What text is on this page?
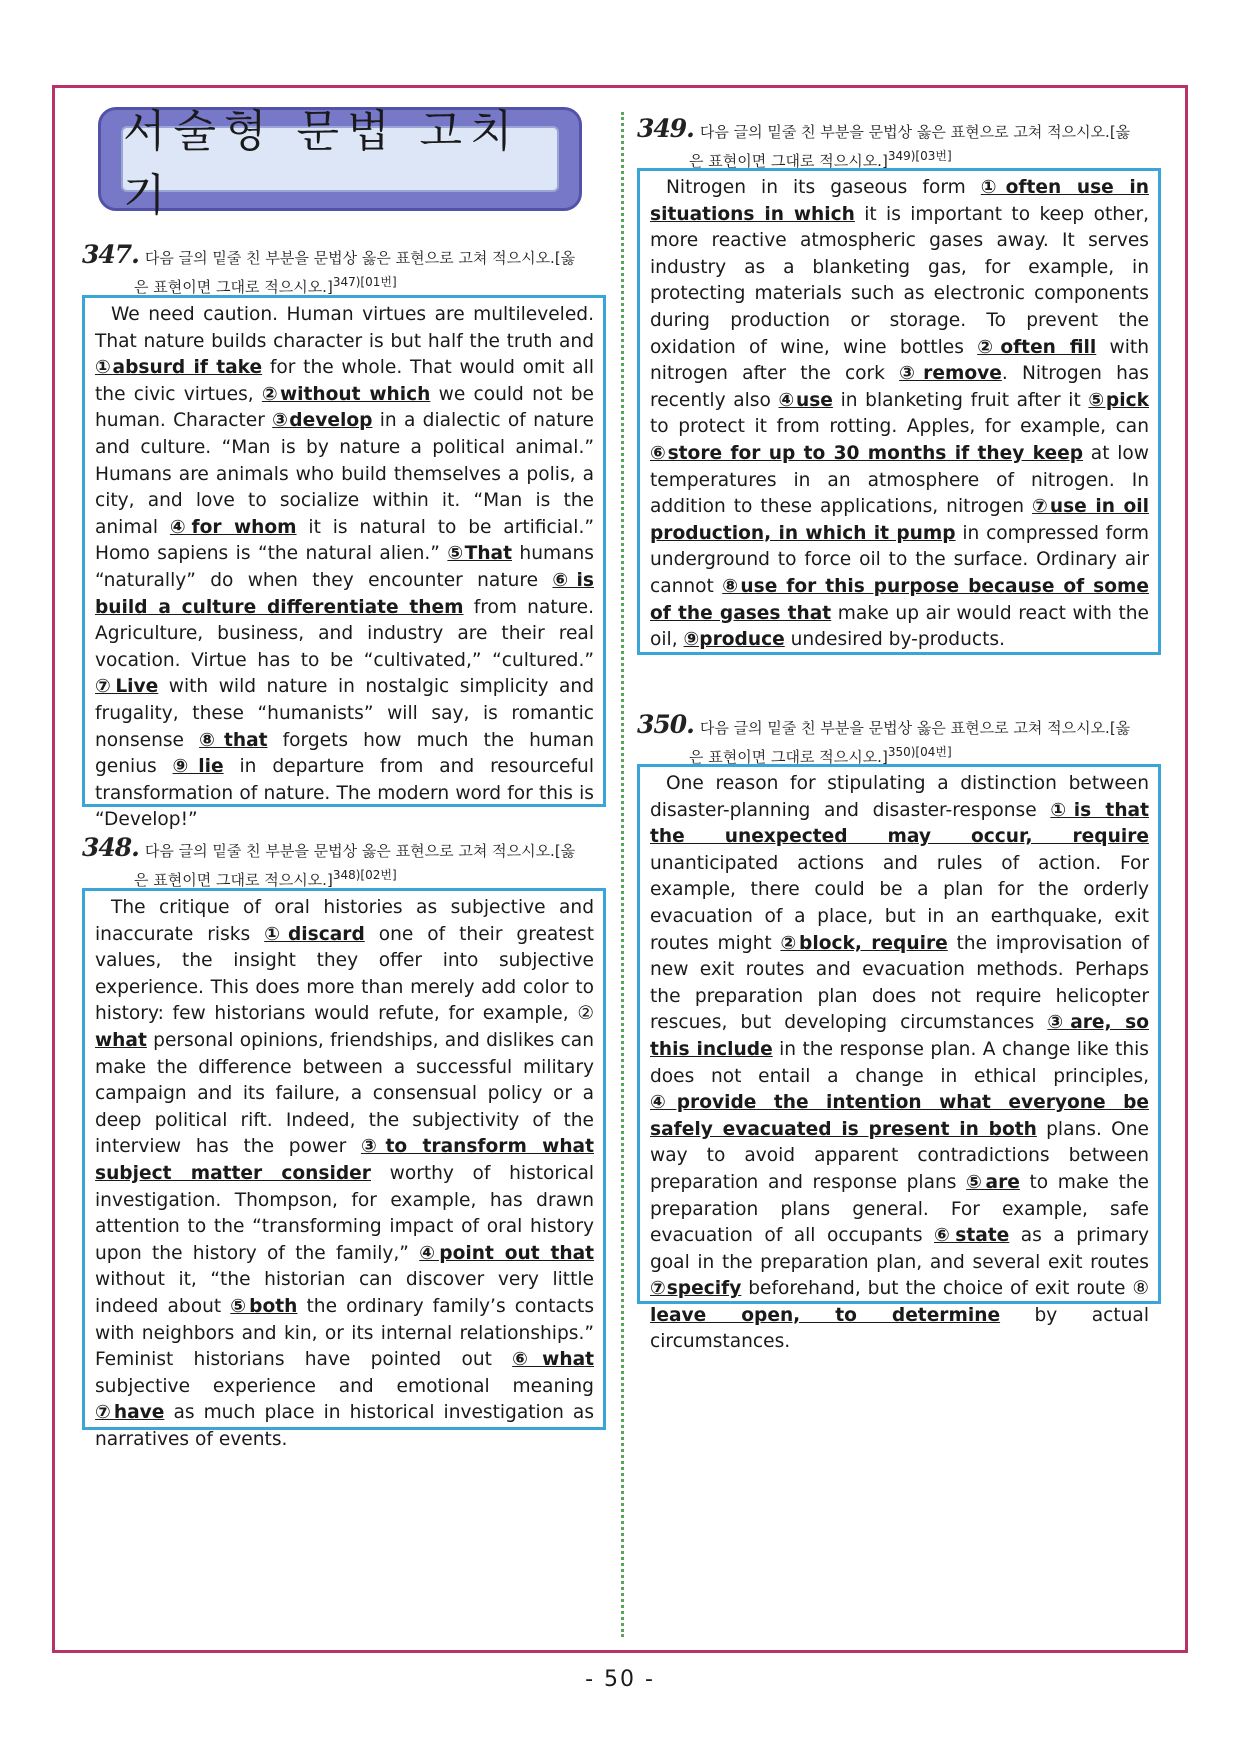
서술형 문법 고치기
347. 다음 글의 밑줄 친 부분을 문법상 옳은 표현으로 고쳐 적으시오.[옳
은 표현이면 그대로 적으시오.]$^{347)[01번]}$

We need caution. Human virtues are multileveled. That nature builds character is but half the truth and ①absurd if take for the whole. That would omit all the civic virtues, ②without which we could not be human. Character ③develop in a dialectic of nature and culture. “Man is by nature a political animal.” Humans are animals who build themselves a polis, a city, and love to socialize within it. “Man is the animal ④for whom it is natural to be artificial.” Homo sapiens is “the natural alien.” ⑤That humans “naturally” do when they encounter nature ⑥is build a culture differentiate them from nature. Agriculture, business, and industry are their real vocation. Virtue has to be “cultivated,” “cultured.” ⑦Live with wild nature in nostalgic simplicity and frugality, these “humanists” will say, is romantic nonsense ⑧that forgets how much the human genius ⑨lie in departure from and resourceful transformation of nature. The modern word for this is “Develop!”

348. 다음 글의 밑줄 친 부분을 문법상 옳은 표현으로 고쳐 적으시오.[옳
은 표현이면 그대로 적으시오.]$^{348)[02번]}$

The critique of oral histories as subjective and inaccurate risks ①discard one of their greatest values, the insight they offer into subjective experience. This does more than merely add color to history: few historians would refute, for example, ② what personal opinions, friendships, and dislikes can make the difference between a successful military campaign and its failure, a consensual policy or a deep political rift. Indeed, the subjectivity of the interview has the power ③to transform what subject matter consider worthy of historical investigation. Thompson, for example, has drawn attention to the “transforming impact of oral history upon the history of the family,” ④point out that without it, “the historian can discover very little indeed about ⑤both the ordinary family’s contacts with neighbors and kin, or its internal relationships.” Feminist historians have pointed out ⑥what subjective experience and emotional meaning ⑦have as much place in historical investigation as narratives of events.

349. 다음 글의 밑줄 친 부분을 문법상 옳은 표현으로 고쳐 적으시오.[옳
은 표현이면 그대로 적으시오.]$^{349)[03번]}$

Nitrogen in its gaseous form ①often use in situations in which it is important to keep other, more reactive atmospheric gases away. It serves industry as a blanketing gas, for example, in protecting materials such as electronic components during production or storage. To prevent the oxidation of wine, wine bottles ②often fill with nitrogen after the cork ③remove. Nitrogen has recently also ④use in blanketing fruit after it ⑤pick to protect it from rotting. Apples, for example, can ⑥store for up to 30 months if they keep at low temperatures in an atmosphere of nitrogen. In addition to these applications, nitrogen ⑦use in oil production, in which it pump in compressed form underground to force oil to the surface. Ordinary air cannot ⑧use for this purpose because of some of the gases that make up air would react with the oil, ⑨produce undesired by-products.

350. 다음 글의 밑줄 친 부분을 문법상 옳은 표현으로 고쳐 적으시오.[옳
은 표현이면 그대로 적으시오.]$^{350)[04번]}$

One reason for stipulating a distinction between disaster-planning and disaster-response ①is that the unexpected may occur, require unanticipated actions and rules of action. For example, there could be a plan for the orderly evacuation of a place, but in an earthquake, exit routes might ②block, require the improvisation of new exit routes and evacuation methods. Perhaps the preparation plan does not require helicopter rescues, but developing circumstances ③are, so this include in the response plan. A change like this does not entail a change in ethical principles, ④provide the intention what everyone be safely evacuated is present in both plans. One way to avoid apparent contradictions between preparation and response plans ⑤are to make the preparation plans general. For example, safe evacuation of all occupants ⑥state as a primary goal in the preparation plan, and several exit routes ⑦specify beforehand, but the choice of exit route ⑧ leave open, to determine by actual circumstances.

- 50 -
